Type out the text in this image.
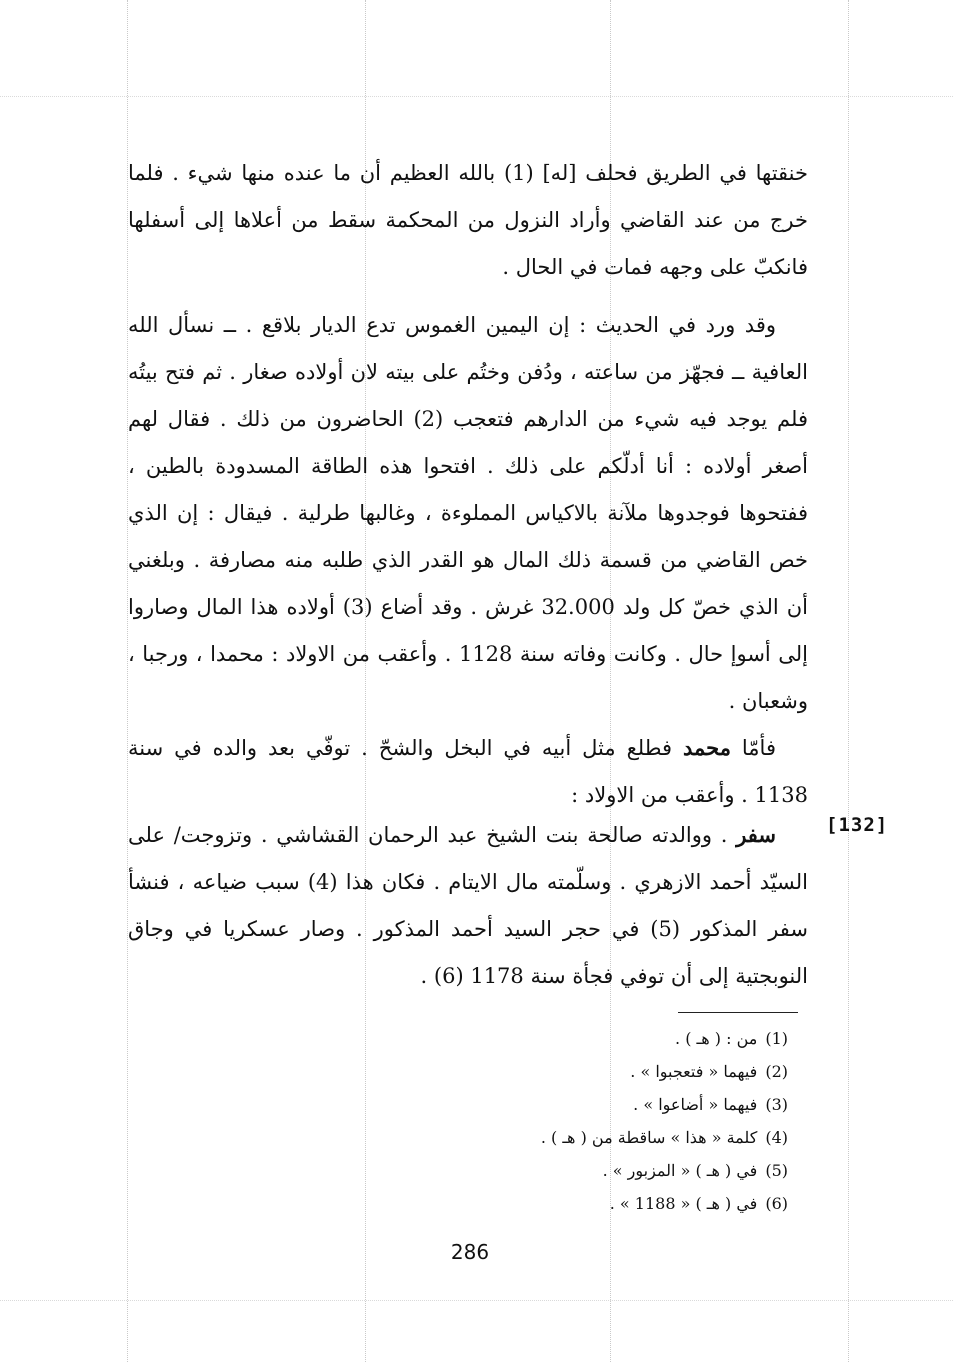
خنقتها في الطريق فحلف [له] (1) بالله العظيم أن ما عنده منها شيء . فلما خرج من عند القاضي وأراد النزول من المحكمة سقط من أعلاها إلى أسفلها فانكبّ على وجهه فمات في الحال .

وقد ورد في الحديث : إن اليمين الغموس تدع الديار بلاقع . ــ نسأل الله العافية ــ فجهّز من ساعته ، ودُفن وختُم على بيته لان أولاده صغار . ثم فتح بيتُه فلم يوجد فيه شيء من الدارهم فتعجب (2) الحاضرون من ذلك . فقال لهم أصغر أولاده : أنا أدلّكم على ذلك . افتحوا هذه الطاقة المسدودة بالطين ، ففتحوها فوجدوها ملآنة بالاكياس المملوءة ، وغالبها طرلية . فيقال : إن الذي خص القاضي من قسمة ذلك المال هو القدر الذي طلبه منه مصارفة . وبلغني أن الذي خصّ كل ولد 32.000 غرش . وقد أضاع (3) أولاده هذا المال وصاروا إلى أسوإ حال . وكانت وفاته سنة 1128 . وأعقب من الاولاد : محمدا ، ورجبا ، وشعبان .

فأمّا محمد فطلع مثل أبيه في البخل والشحّ . توفّي بعد والده في سنة 1138 . وأعقب من الاولاد :

[132]

سفر . ووالدته صالحة بنت الشيخ عبد الرحمان القشاشي . وتزوجت/ على السيّد أحمد الازهري . وسلّمته مال الايتام . فكان هذا (4) سبب ضياعه ، فنشأ سفر المذكور (5) في حجر السيد أحمد المذكور . وصار عسكريا في وجاق النوبجتية إلى أن توفي فجأة سنة 1178 (6) .

(1)من : ( هـ ) .
(2)فيهما « فتعجبوا » .
(3)فيهما « أضاعوا » .
(4)كلمة « هذا » ساقطة من ( هـ ) .
(5)في ( هـ ) « المزبور » .
(6)في ( هـ ) « 1188 » .
286
